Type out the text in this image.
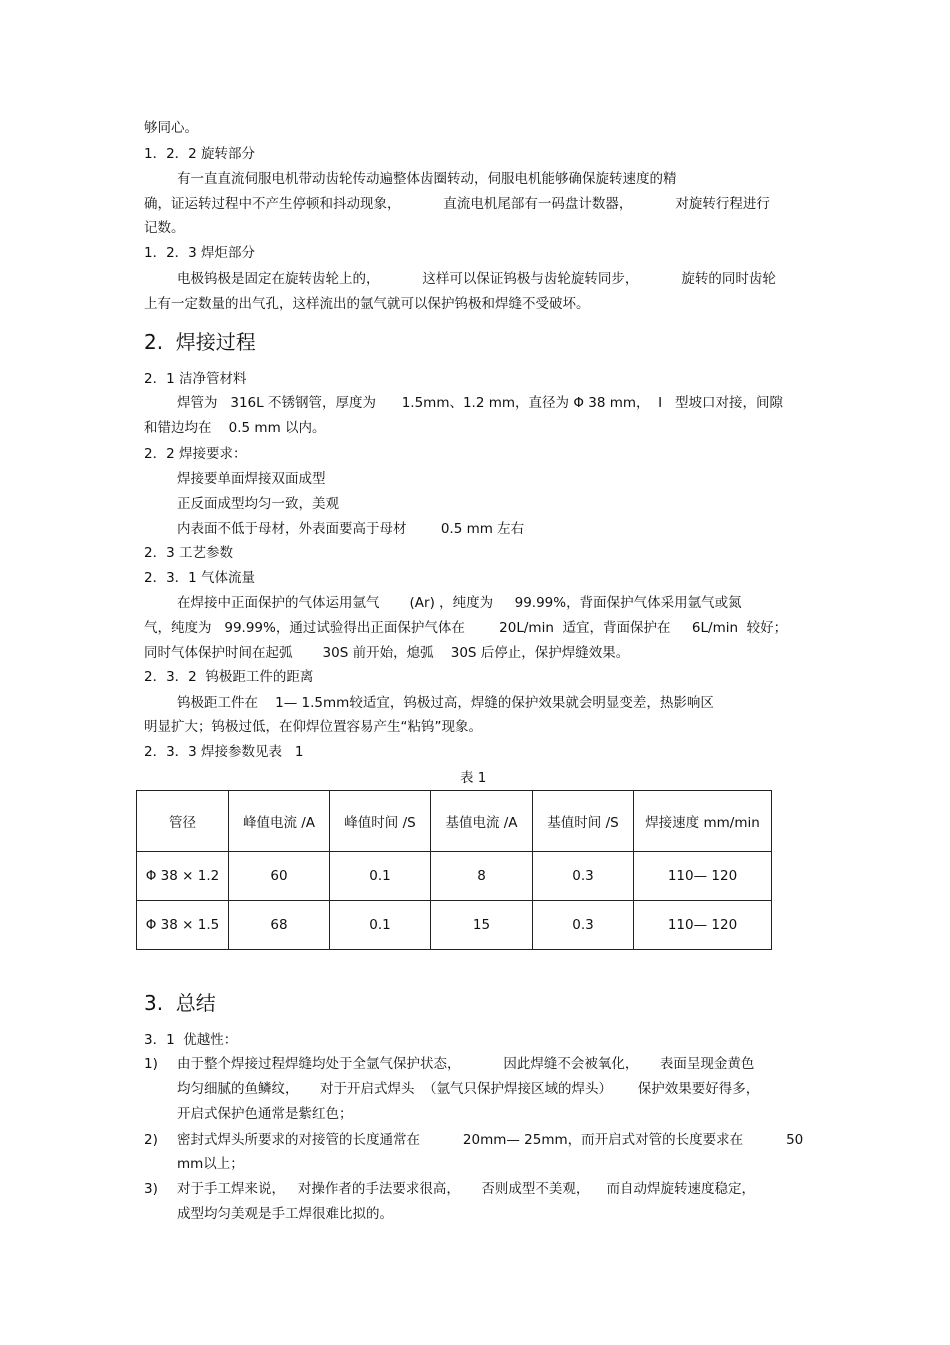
够同心。
1．2．2 旋转部分
有一直直流伺服电机带动齿轮传动遍整体齿圈转动，伺服电机能够确保旋转速度的精
确，证运转过程中不产生停顿和抖动现象，          直流电机尾部有一码盘计数器，          对旋转行程进行
记数。
1．2．3 焊炬部分
电极钨极是固定在旋转齿轮上的，          这样可以保证钨极与齿轮旋转同步，          旋转的同时齿轮
上有一定数量的出气孔，这样流出的氩气就可以保护钨极和焊缝不受破坏。
2.  焊接过程
2．1 洁净管材料
焊管为   316L 不锈钢管，厚度为      1.5mm、1.2 mm，直径为 Φ 38 mm，  I   型坡口对接，间隙
和错边均在    0.5 mm 以内。
2．2 焊接要求：
焊接要单面焊接双面成型
正反面成型均匀一致，美观
内表面不低于母材，外表面要高于母材        0.5 mm 左右
2．3 工艺参数
2．3．1 气体流量
在焊接中正面保护的气体运用氩气       (Ar) ，纯度为     99.99%，背面保护气体采用氩气或氮
气，纯度为   99.99%，通过试验得出正面保护气体在        20L/min  适宜，背面保护在     6L/min  较好；
同时气体保护时间在起弧       30S 前开始，熄弧    30S 后停止，保护焊缝效果。
2．3．2  钨极距工件的距离
钨极距工件在    1— 1.5mm较适宜，钨极过高，焊缝的保护效果就会明显变差，热影响区
明显扩大；钨极过低，在仰焊位置容易产生“粘钨”现象。
2．3．3 焊接参数见表   1
表 1
管径	峰值电流 /A	峰值时间 /S	基值电流 /A	基值时间 /S	焊接速度 mm/min
Φ 38 × 1.2	60	0.1	8	0.3	110— 120
Φ 38 × 1.5	68	0.1	15	0.3	110— 120
3.  总结
3．1  优越性：
1) 由于整个焊接过程焊缝均处于全氩气保护状态，          因此焊缝不会被氧化，     表面呈现金黄色
均匀细腻的鱼鳞纹，     对于开启式焊头  （氩气只保护焊接区域的焊头）      保护效果要好得多，
开启式保护色通常是紫红色；
2) 密封式焊头所要求的对接管的长度通常在          20mm— 25mm，而开启式对管的长度要求在          50
mm以上；
3) 对于手工焊来说，   对操作者的手法要求很高，     否则成型不美观，    而自动焊旋转速度稳定，
成型均匀美观是手工焊很难比拟的。
